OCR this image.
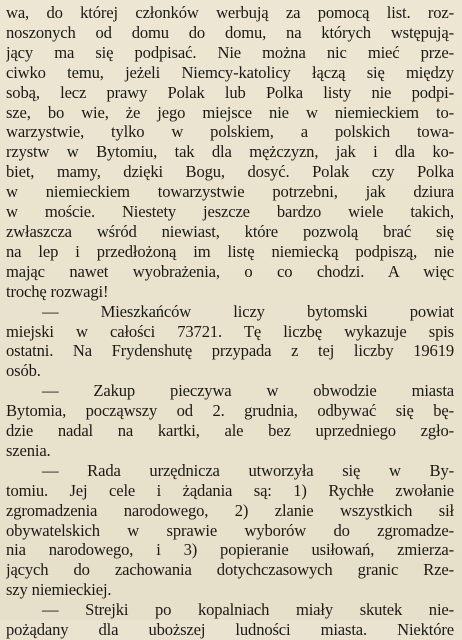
wa, do której członków werbują za pomocą list. roz-
noszonych od domu do domu, na których wstępują-
jący ma się podpisać. Nie można nic mieć prze-
ciwko temu, jeżeli Niemcy-katolicy łączą się między
sobą, lecz prawy Polak lub Polka listy nie podpi-
sze, bo wie, że jego miejsce nie w niemieckiem to-
warzystwie, tylko w polskiem, a polskich towa-
rzystw w Bytomiu, tak dla mężczyzn, jak i dla ko-
biet, mamy, dzięki Bogu, dosyć. Polak czy Polka
w niemieckiem towarzystwie potrzebni, jak dziura
w moście. Niestety jeszcze bardzo wiele takich,
zwłaszcza wśród niewiast, które pozwolą brać się
na lep i przedłożoną im listę niemiecką podpiszą, nie
mając nawet wyobrażenia, o co chodzi. A więc
trochę rozwagi!

— Mieszkańców liczy bytomski powiat
miejski w całości 73721. Tę liczbę wykazuje spis
ostatni. Na Frydenshutę przypada z tej liczby 19619
osób.

— Zakup pieczywa w obwodzie miasta
Bytomia, począwszy od 2. grudnia, odbywać się bę-
dzie nadal na kartki, ale bez uprzedniego zgło-
szenia.

— Rada urzędnicza utworzyła się w By-
tomiu. Jej cele i żądania są: 1) Rychłe zwołanie
zgromadzenia narodowego, 2) zlanie wszystkich sił
obywatelskich w sprawie wyborów do zgromadze-
nia narodowego, i 3) popieranie usiłowań, zmierza-
jących do zachowania dotychczasowych granic Rze-
szy niemieckiej.

— Strejki po kopalniach miały skutek nie-
pożądany dla uboższej ludności miasta. Niektóre
